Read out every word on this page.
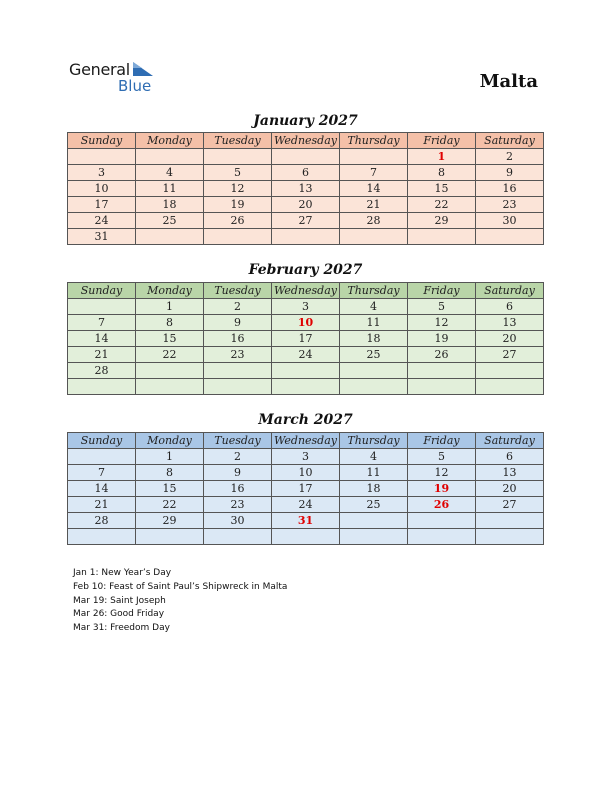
General
Blue	Malta
January 2027
Sunday	Monday	Tuesday	Wednesday	Thursday	Friday	Saturday
					1	2
3	4	5	6	7	8	9
10	11	12	13	14	15	16
17	18	19	20	21	22	23
24	25	26	27	28	29	30
31						
February 2027
Sunday	Monday	Tuesday	Wednesday	Thursday	Friday	Saturday
	1	2	3	4	5	6
7	8	9	10	11	12	13
14	15	16	17	18	19	20
21	22	23	24	25	26	27
28						

March 2027
Sunday	Monday	Tuesday	Wednesday	Thursday	Friday	Saturday
	1	2	3	4	5	6
7	8	9	10	11	12	13
14	15	16	17	18	19	20
21	22	23	24	25	26	27
28	29	30	31			

Jan 1: New Year’s Day
Feb 10: Feast of Saint Paul’s Shipwreck in Malta
Mar 19: Saint Joseph
Mar 26: Good Friday
Mar 31: Freedom Day
